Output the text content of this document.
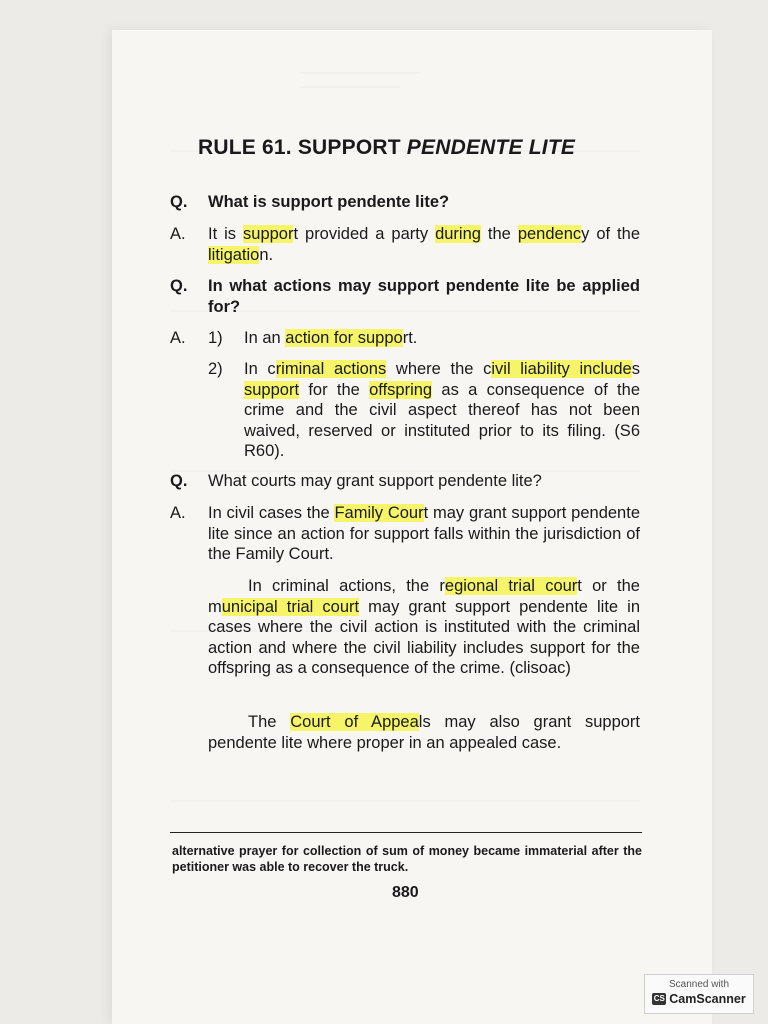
RULE 61. SUPPORT PENDENTE LITE
Q.	What is support pendente lite?
A.	It is support provided a party during the pendency of the litigation.
Q.	In what actions may support pendente lite be applied for?
A.	1)	In an action for support.
2)	In criminal actions where the civil liability includes support for the offspring as a consequence of the crime and the civil aspect thereof has not been waived, reserved or instituted prior to its filing. (S6 R60).
Q.	What courts may grant support pendente lite?
A.	In civil cases the Family Court may grant support pendente lite since an action for support falls within the jurisdiction of the Family Court.
In criminal actions, the regional trial court or the municipal trial court may grant support pendente lite in cases where the civil action is instituted with the criminal action and where the civil liability includes support for the offspring as a consequence of the crime. (clisoac)
The Court of Appeals may also grant support pendente lite where proper in an appealed case.
alternative prayer for collection of sum of money became immaterial after the petitioner was able to recover the truck.
880
Scanned with
CS CamScanner
